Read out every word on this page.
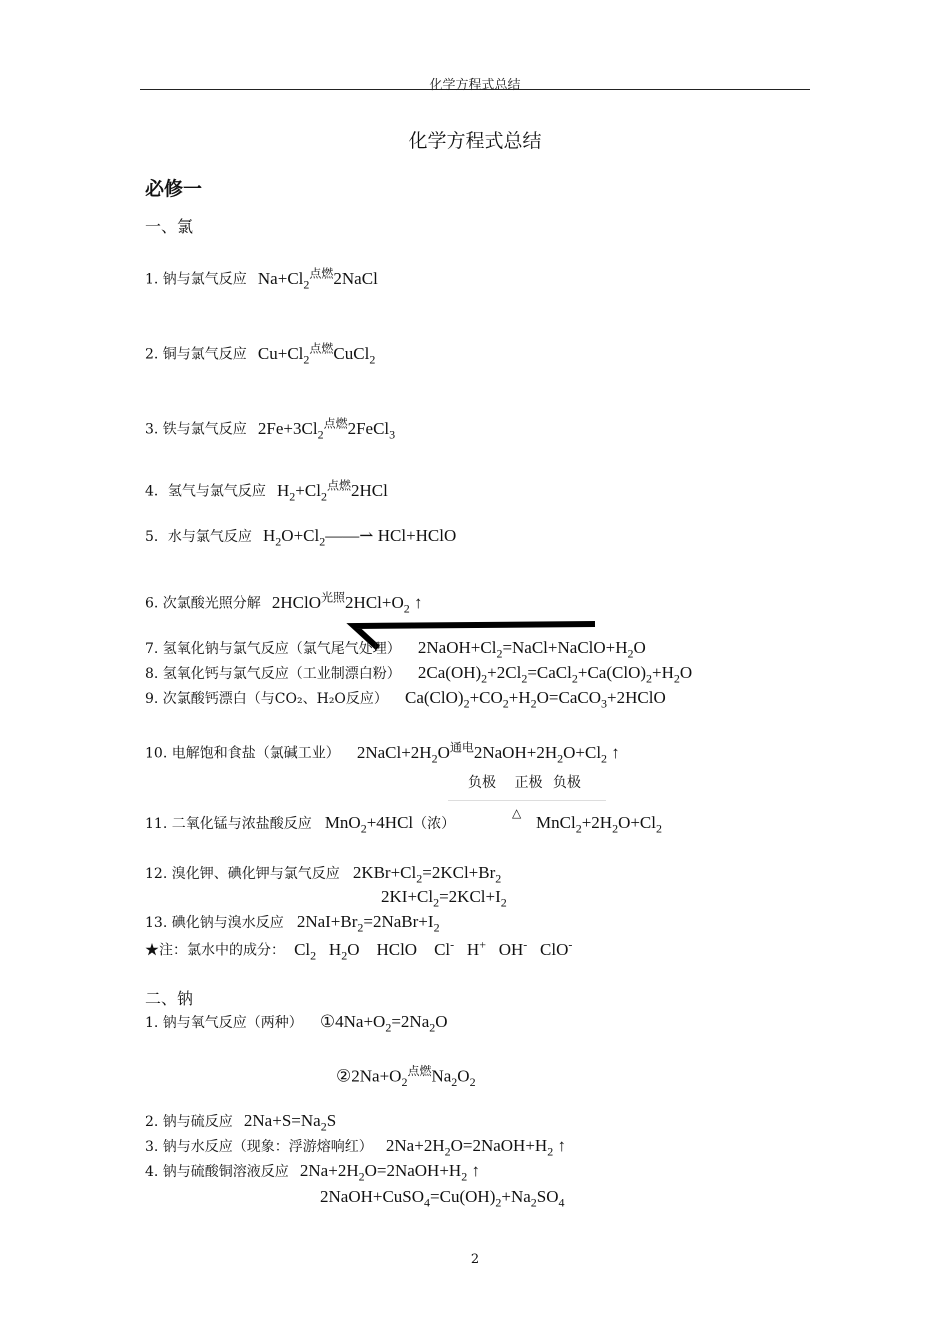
化学方程式总结
化学方程式总结
必修一
一、氯
1. 钠与氯气反应 $Na+Cl_2^{点燃}2NaCl$
2. 铜与氯气反应 $Cu+Cl_2^{点燃}CuCl_2$
3. 铁与氯气反应 $2Fe+3Cl_2^{点燃}2FeCl_3$
4．氢气与氯气反应 $H_2+Cl_2^{点燃}2HCl$
5．水与氯气反应 $H_2O+Cl_2——⇀$ HCl+HClO
6. 次氯酸光照分解 $2HClO^{光照}2HCl+O_2$ ↑
7. 氢氧化钠与氯气反应（氯气尾气处理） $2NaOH+Cl_2=NaCl+NaClO+H_2O$
8. 氢氧化钙与氯气反应（工业制漂白粉） $2Ca(OH)_2+2Cl_2=CaCl_2+Ca(ClO)_2+H_2O$
9. 次氯酸钙漂白（与CO₂、H₂O反应） $Ca(ClO)_2+CO_2+H_2O=CaCO_3+2HClO$
10. 电解饱和食盐（氯碱工业） $2NaCl+2H_2O^{通电}2NaOH+2H_2O+Cl_2$ ↑
负极 正极 负极
11. 二氧化锰与浓盐酸反应 MnO$_2$+4HCl（浓）
△ $MnCl_2+2H_2O+Cl_2$
12. 溴化钾、碘化钾与氯气反应 $2KBr+Cl_2=2KCl+Br_2$
$2KI+Cl_2=2KCl+I_2$
13. 碘化钠与溴水反应 $2NaI+Br_2=2NaBr+I_2$
★注：氯水中的成分： $Cl_2$   $H_2O$    HClO    Cl-   H+   OH-   ClO-
二、钠
1. 钠与氧气反应（两种） $①4Na+O_2=2Na_2O$
$②2Na+O_2^{点燃}Na_2O_2$
2. 钠与硫反应 $2Na+S=Na_2S$
3. 钠与水反应（现象：浮游熔响红） $2Na+2H_2O=2NaOH+H_2$ ↑
4. 钠与硫酸铜溶液反应 $2Na+2H_2O=2NaOH+H_2$ ↑
$2NaOH+CuSO_4=Cu(OH)_2+Na_2SO_4$
2
